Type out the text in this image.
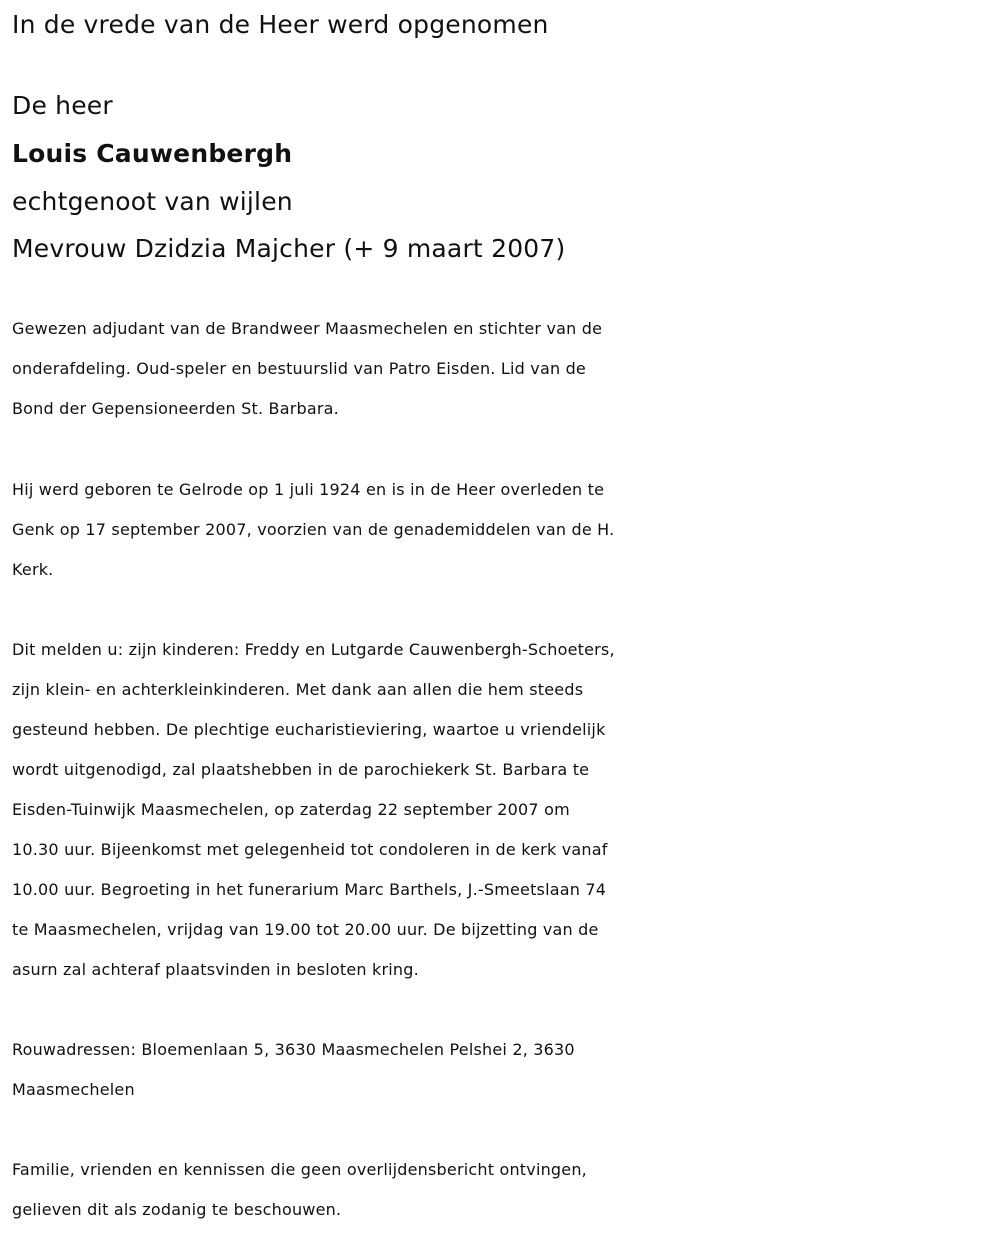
In de vrede van de Heer werd opgenomen
De heer
Louis Cauwenbergh
echtgenoot van wijlen
Mevrouw Dzidzia Majcher (+ 9 maart 2007)
Gewezen adjudant van de Brandweer Maasmechelen en stichter van de
onderafdeling. Oud-speler en bestuurslid van Patro Eisden. Lid van de
Bond der Gepensioneerden St. Barbara.
Hij werd geboren te Gelrode op 1 juli 1924 en is in de Heer overleden te
Genk op 17 september 2007, voorzien van de genademiddelen van de H.
Kerk.
Dit melden u: zijn kinderen: Freddy en Lutgarde Cauwenbergh-Schoeters,
zijn klein- en achterkleinkinderen. Met dank aan allen die hem steeds
gesteund hebben. De plechtige eucharistieviering, waartoe u vriendelijk
wordt uitgenodigd, zal plaatshebben in de parochiekerk St. Barbara te
Eisden-Tuinwijk Maasmechelen, op zaterdag 22 september 2007 om
10.30 uur. Bijeenkomst met gelegenheid tot condoleren in de kerk vanaf
10.00 uur. Begroeting in het funerarium Marc Barthels, J.-Smeetslaan 74
te Maasmechelen, vrijdag van 19.00 tot 20.00 uur. De bijzetting van de
asurn zal achteraf plaatsvinden in besloten kring.
Rouwadressen: Bloemenlaan 5, 3630 Maasmechelen Pelshei 2, 3630
Maasmechelen
Familie, vrienden en kennissen die geen overlijdensbericht ontvingen,
gelieven dit als zodanig te beschouwen.
